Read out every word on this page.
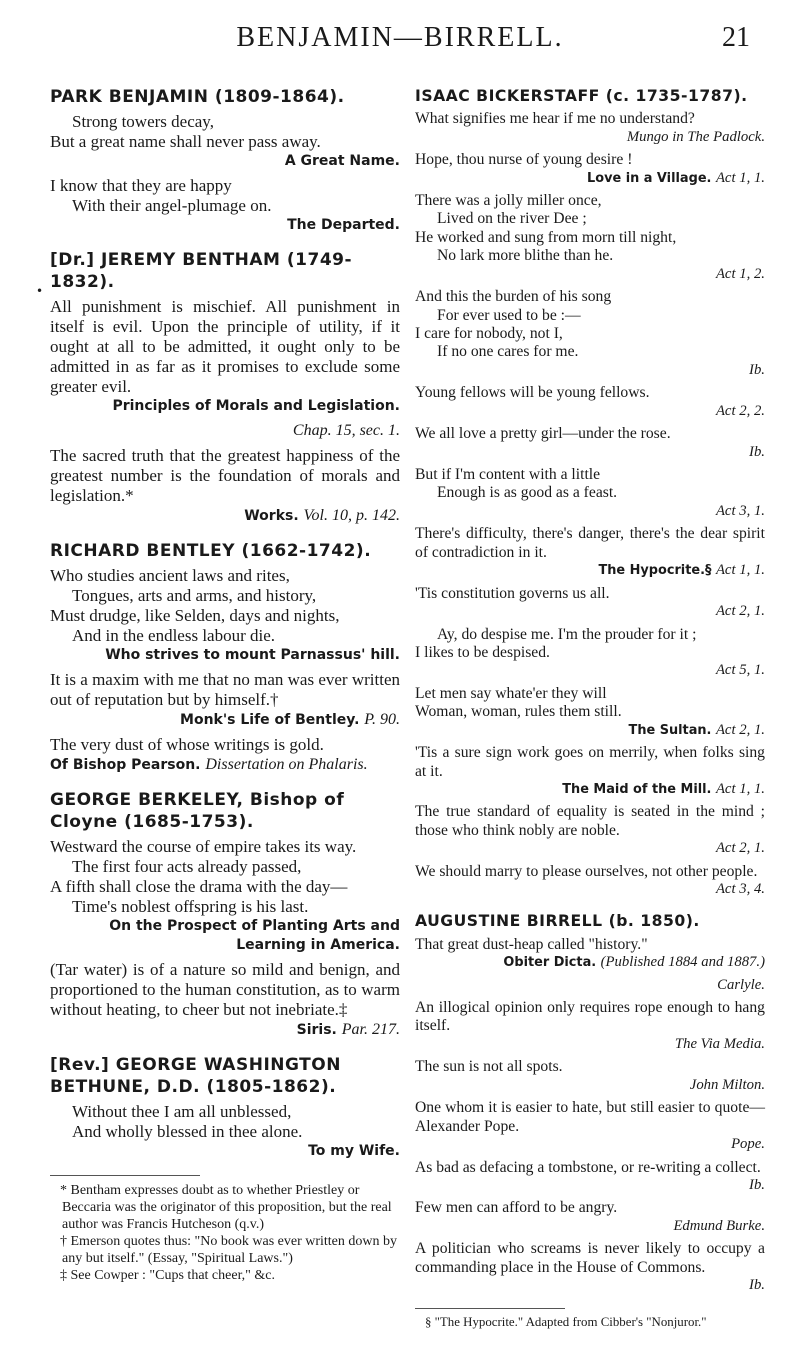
BENJAMIN—BIRRELL.	21
•
PARK BENJAMIN (1809-1864).

Strong towers decay,

But a great name shall never pass away.

A Great Name.

I know that they are happy

With their angel-plumage on.

The Departed.
[Dr.] JEREMY BENTHAM (1749-1832).

All punishment is mischief. All punishment in itself is evil. Upon the principle of utility, if it ought at all to be admitted, it ought only to be admitted in as far as it promises to exclude some greater evil.

Principles of Morals and Legislation.
Chap. 15, sec. 1.

The sacred truth that the greatest happiness of the greatest number is the foundation of morals and legislation.*

Works. Vol. 10, p. 142.
RICHARD BENTLEY (1662-1742).

Who studies ancient laws and rites,

Tongues, arts and arms, and history,

Must drudge, like Selden, days and nights,

And in the endless labour die.

Who strives to mount Parnassus' hill.

It is a maxim with me that no man was ever written out of reputation but by himself.†

Monk's Life of Bentley. P. 90.

The very dust of whose writings is gold.

Of Bishop Pearson. Dissertation on Phalaris.
GEORGE BERKELEY, Bishop of Cloyne (1685-1753).

Westward the course of empire takes its way.

The first four acts already passed,

A fifth shall close the drama with the day—

Time's noblest offspring is his last.

On the Prospect of Planting Arts and Learning in America.

(Tar water) is of a nature so mild and benign, and proportioned to the human constitution, as to warm without heating, to cheer but not inebriate.‡

Siris. Par. 217.
[Rev.] GEORGE WASHINGTON BETHUNE, D.D. (1805-1862).

Without thee I am all unblessed,

And wholly blessed in thee alone.

To my Wife.

* Bentham expresses doubt as to whether Priestley or Beccaria was the originator of this proposition, but the real author was Francis Hutcheson (q.v.)

† Emerson quotes thus: "No book was ever written down by any but itself." (Essay, "Spiritual Laws.")

‡ See Cowper : "Cups that cheer," &c.

ISAAC BICKERSTAFF (c. 1735-1787).

What signifies me hear if me no understand?

Mungo in The Padlock.

Hope, thou nurse of young desire !

Love in a Village. Act 1, 1.

There was a jolly miller once,

Lived on the river Dee ;

He worked and sung from morn till night,

No lark more blithe than he.

Act 1, 2.

And this the burden of his song

For ever used to be :—

I care for nobody, not I,

If no one cares for me.

Ib.

Young fellows will be young fellows.

Act 2, 2.

We all love a pretty girl—under the rose.

Ib.

But if I'm content with a little

Enough is as good as a feast.

Act 3, 1.

There's difficulty, there's danger, there's the dear spirit of contradiction in it.

The Hypocrite.§ Act 1, 1.

'Tis constitution governs us all.

Act 2, 1.

Ay, do despise me. I'm the prouder for it ;

I likes to be despised.

Act 5, 1.

Let men say whate'er they will

Woman, woman, rules them still.

The Sultan. Act 2, 1.

'Tis a sure sign work goes on merrily, when folks sing at it.

The Maid of the Mill. Act 1, 1.

The true standard of equality is seated in the mind ; those who think nobly are noble.

Act 2, 1.

We should marry to please ourselves, not other people.

Act 3, 4.
AUGUSTINE BIRRELL (b. 1850).

That great dust-heap called "history."

Obiter Dicta. (Published 1884 and 1887.)
Carlyle.

An illogical opinion only requires rope enough to hang itself.

The Via Media.

The sun is not all spots.

John Milton.

One whom it is easier to hate, but still easier to quote—Alexander Pope.

Pope.

As bad as defacing a tombstone, or re-writing a collect.

Ib.

Few men can afford to be angry.

Edmund Burke.

A politician who screams is never likely to occupy a commanding place in the House of Commons.

Ib.

§ "The Hypocrite." Adapted from Cibber's "Nonjuror."
